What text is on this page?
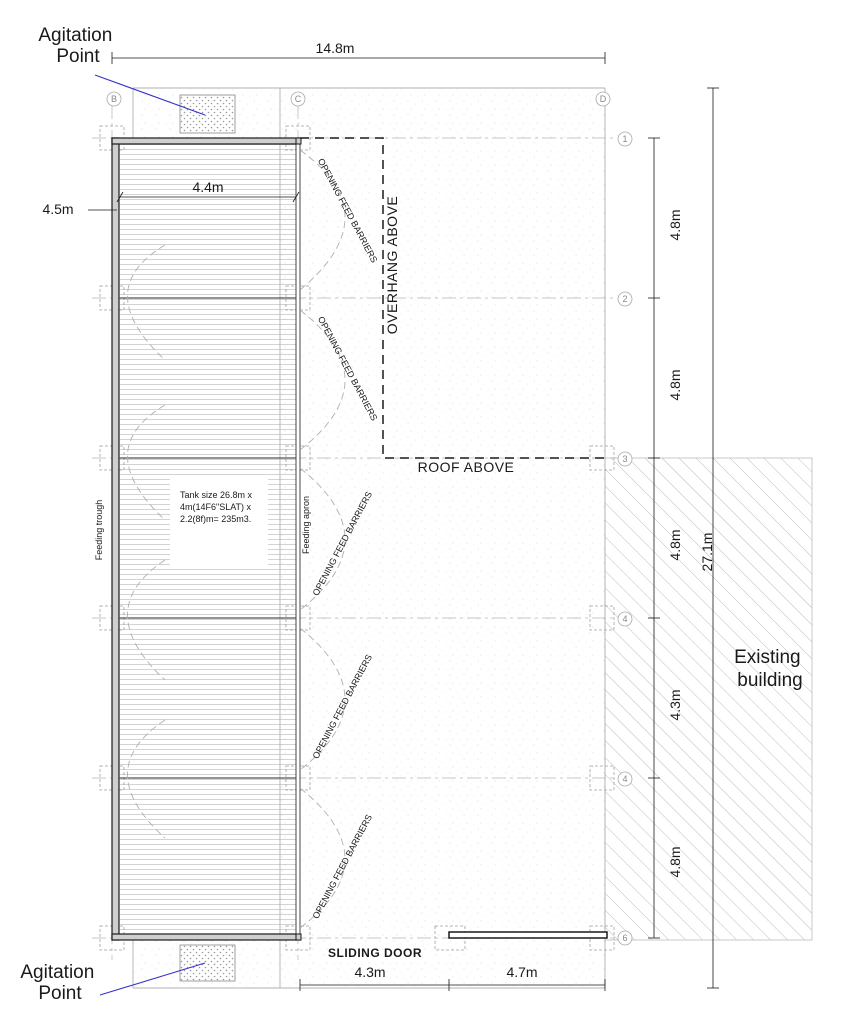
Agitation Point
Agitation Point
B	C	D
1
2
3
4
4
6
14.8m
4.4m
4.5m
4.8m
4.8m
4.8m
4.3m
4.8m
27.1m
4.3m	4.7m
OVERHANG ABOVE
ROOF ABOVE
SLIDING DOOR
Feeding trough	Feeding apron
Tank size 26.8m x 4m(14F6"SLAT) x 2.2(8f)m= 235m3.
OPENING FEED BARRIERS
OPENING FEED BARRIERS
OPENING FEED BARRIERS
OPENING FEED BARRIERS
OPENING FEED BARRIERS
Existing building
